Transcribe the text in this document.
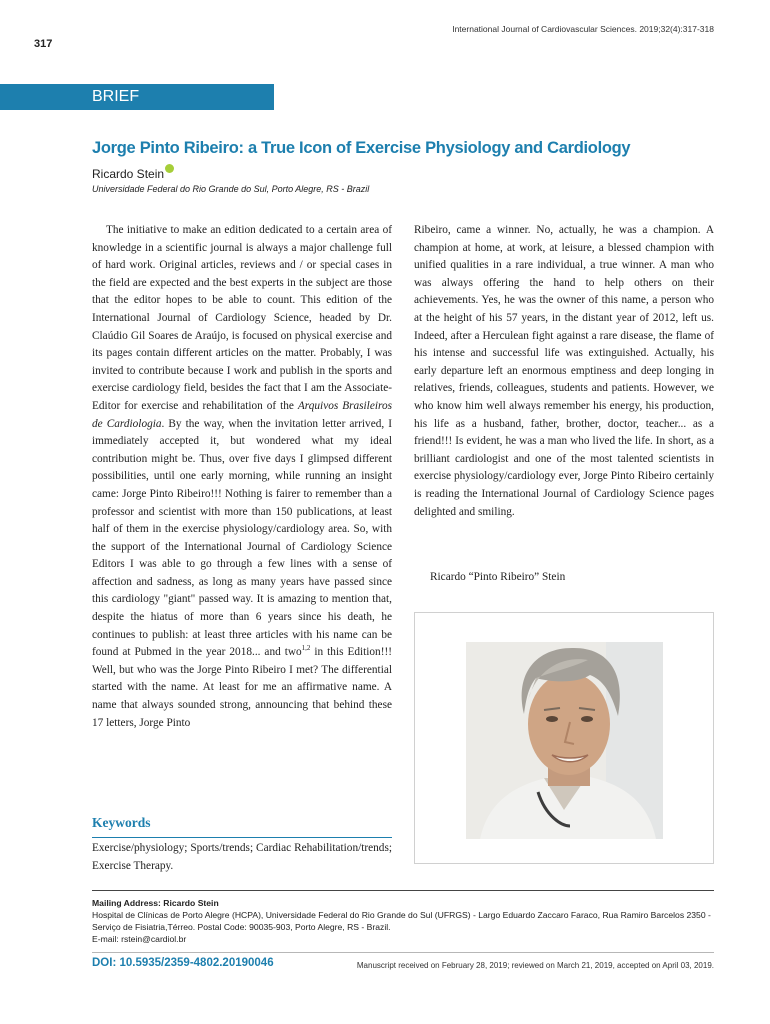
International Journal of Cardiovascular Sciences. 2019;32(4):317-318
317
BRIEF COMMUNICATION
Jorge Pinto Ribeiro: a True Icon of Exercise Physiology and Cardiology
Ricardo Stein
Universidade Federal do Rio Grande do Sul, Porto Alegre, RS - Brazil

The initiative to make an edition dedicated to a certain area of knowledge in a scientific journal is always a major challenge full of hard work. Original articles, reviews and / or special cases in the field are expected and the best experts in the subject are those that the editor hopes to be able to count. This edition of the International Journal of Cardiology Science, headed by Dr. Claúdio Gil Soares de Araújo, is focused on physical exercise and its pages contain different articles on the matter. Probably, I was invited to contribute because I work and publish in the sports and exercise cardiology field, besides the fact that I am the Associate-Editor for exercise and rehabilitation of the Arquivos Brasileiros de Cardiologia. By the way, when the invitation letter arrived, I immediately accepted it, but wondered what my ideal contribution might be. Thus, over five days I glimpsed different possibilities, until one early morning, while running an insight came: Jorge Pinto Ribeiro!!! Nothing is fairer to remember than a professor and scientist with more than 150 publications, at least half of them in the exercise physiology/cardiology area. So, with the support of the International Journal of Cardiology Science Editors I was able to go through a few lines with a sense of affection and sadness, as long as many years have passed since this cardiology "giant" passed way. It is amazing to mention that, despite the hiatus of more than 6 years since his death, he continues to publish: at least three articles with his name can be found at Pubmed in the year 2018... and two$^{1,2}$ in this Edition!!! Well, but who was the Jorge Pinto Ribeiro I met? The differential started with the name. At least for me an affirmative name. A name that always sounded strong, announcing that behind these 17 letters, Jorge Pinto

Ribeiro, came a winner. No, actually, he was a champion. A champion at home, at work, at leisure, a blessed champion with unified qualities in a rare individual, a true winner. A man who was always offering the hand to help others on their achievements. Yes, he was the owner of this name, a person who at the height of his 57 years, in the distant year of 2012, left us. Indeed, after a Herculean fight against a rare disease, the flame of his intense and successful life was extinguished. Actually, his early departure left an enormous emptiness and deep longing in relatives, friends, colleagues, students and patients. However, we who know him well always remember his energy, his production, his life as a husband, father, brother, doctor, teacher... as a friend!!! Is evident, he was a man who lived the life. In short, as a brilliant cardiologist and one of the most talented scientists in exercise physiology/cardiology ever, Jorge Pinto Ribeiro certainly is reading the International Journal of Cardiology Science pages delighted and smiling.

Ricardo “Pinto Ribeiro” Stein
Keywords
Exercise/physiology; Sports/trends; Cardiac Rehabilitation/trends; Exercise Therapy.
Mailing Address: Ricardo Stein
Hospital de Clínicas de Porto Alegre (HCPA), Universidade Federal do Rio Grande do Sul (UFRGS) - Largo Eduardo Zaccaro Faraco, Rua Ramiro Barcelos 2350 - Serviço de Fisiatria,Térreo. Postal Code: 90035-903, Porto Alegre, RS - Brazil.
E-mail: rstein@cardiol.br
DOI: 10.5935/2359-4802.20190046	Manuscript received on February 28, 2019; reviewed on March 21, 2019, accepted on April 03, 2019.
